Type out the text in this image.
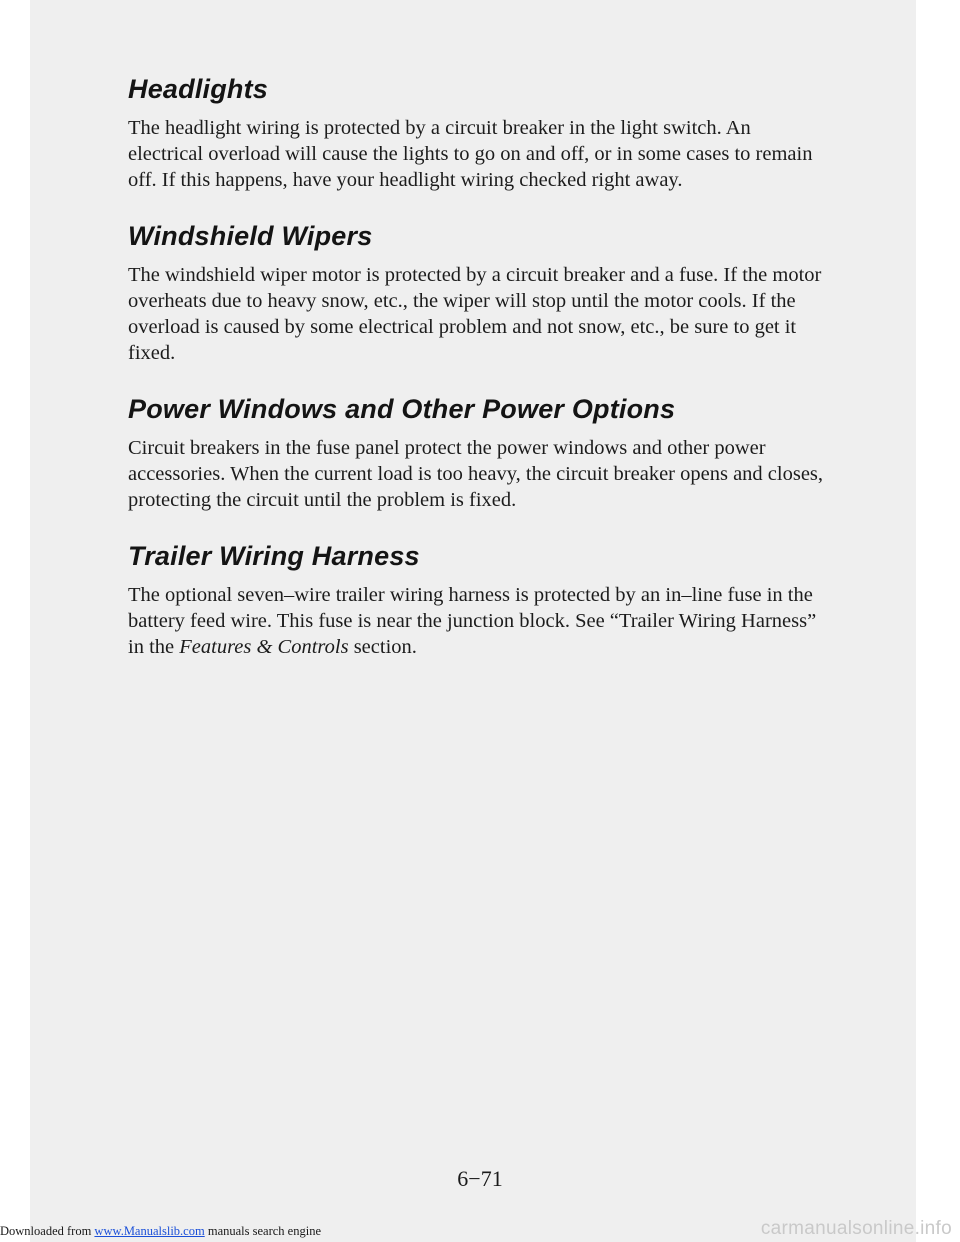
Headlights

The headlight wiring is protected by a circuit breaker in the light switch. An electrical overload will cause the lights to go on and off, or in some cases to remain off. If this happens, have your headlight wiring checked right away.

Windshield Wipers

The windshield wiper motor is protected by a circuit breaker and a fuse. If the motor overheats due to heavy snow, etc., the wiper will stop until the motor cools. If the overload is caused by some electrical problem and not snow, etc., be sure to get it fixed.

Power Windows and Other Power Options

Circuit breakers in the fuse panel protect the power windows and other power accessories. When the current load is too heavy, the circuit breaker opens and closes, protecting the circuit until the problem is fixed.

Trailer Wiring Harness

The optional seven–wire trailer wiring harness is protected by an in–line fuse in the battery feed wire. This fuse is near the junction block. See “Trailer Wiring Harness” in the Features & Controls section.

6−71
Downloaded from www.Manualslib.com manuals search engine	carmanualsonline.info
